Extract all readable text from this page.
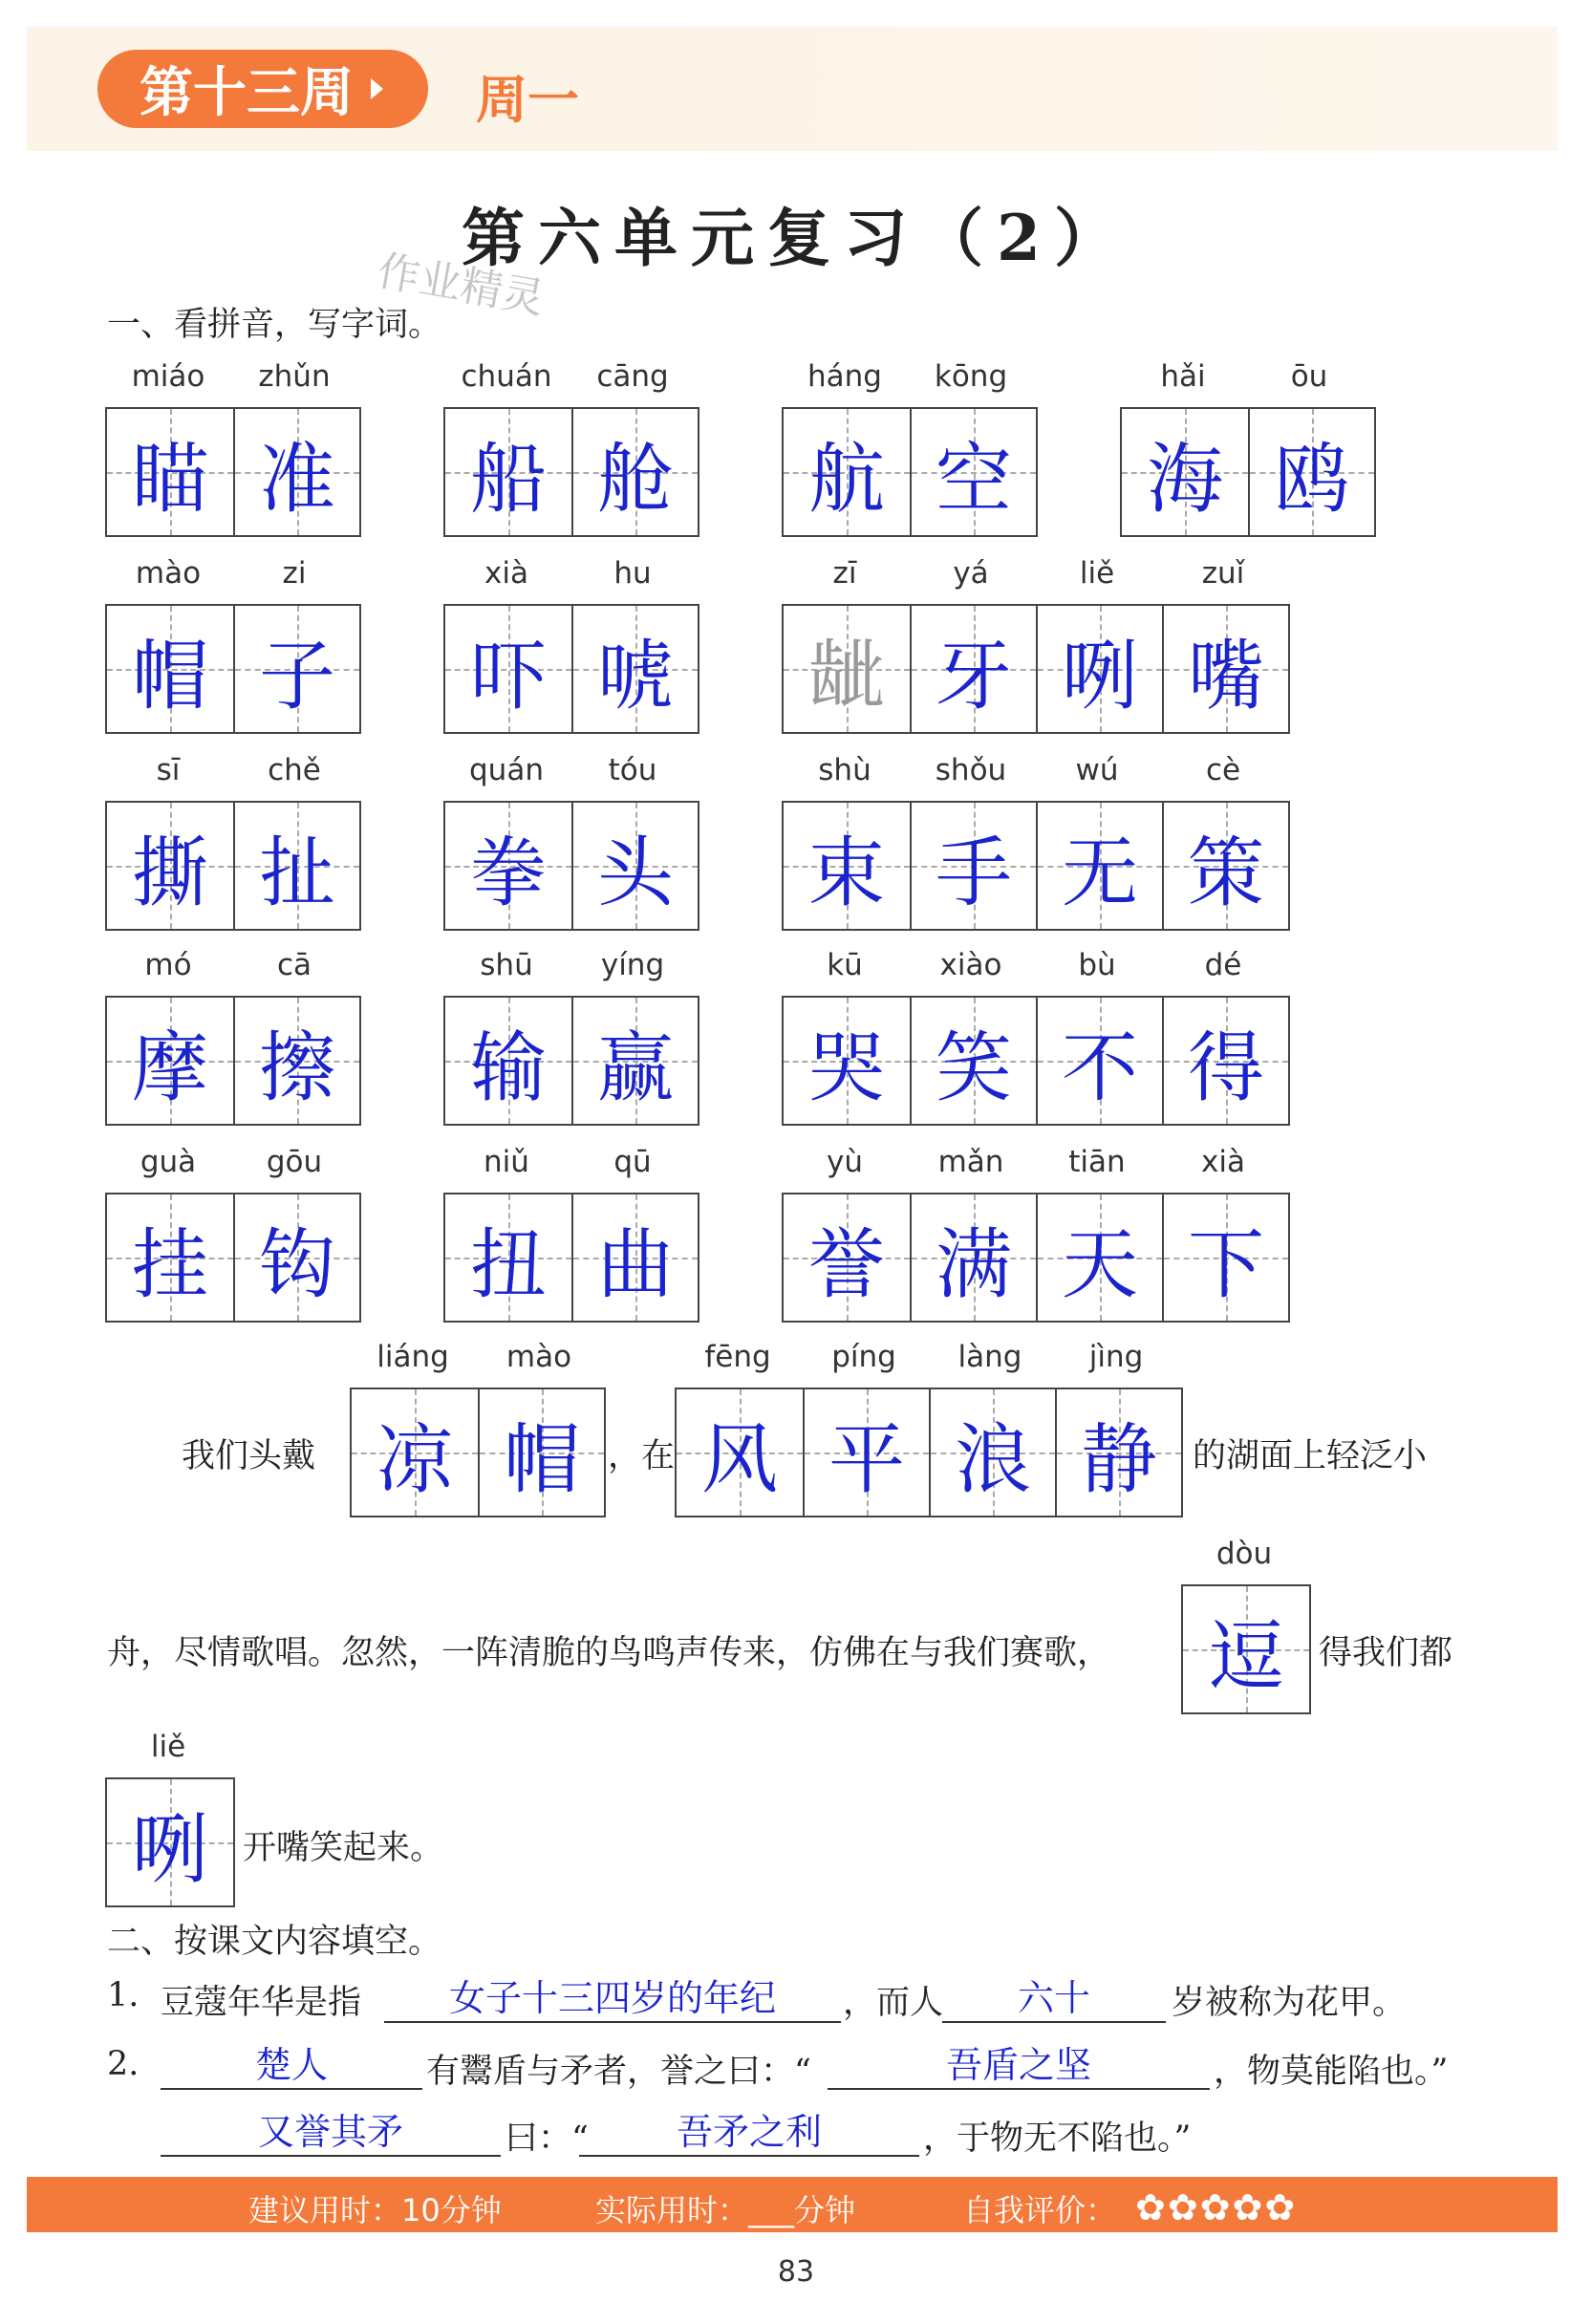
第十三周 周一
第六单元复习（2）
作业精灵
一、看拼音，写字词。
二、按课文内容填空。
1. 豆蔻年华是指	女子十三四岁的年纪	，而人	六十	岁被称为花甲。
2.	楚人	有鬻盾与矛者，誉之曰：“	吾盾之坚	，物莫能陷也。”
又誉其矛	曰：“	吾矛之利	，于物无不陷也。”
建议用时：10分钟	实际用时：___分钟	自我评价： ✿✿✿✿✿
83
miáo	zhǔn
瞄 准
chuán	cāng
船 舱
háng	kōng
航 空
hǎi	ōu
海 鸥
mào	zi
帽 子
xià	hu
吓 唬
zī	yá	liě	zuǐ
龇 牙 咧 嘴
sī	chě
撕 扯
quán	tóu
拳 头
shù	shǒu	wú	cè
束 手 无 策
mó	cā
摩 擦
shū	yíng
输 赢
kū	xiào	bù	dé
哭 笑 不 得
guà	gōu
挂 钩
niǔ	qū
扭 曲
yù	mǎn	tiān	xià
誉 满 天 下
liáng	mào
凉 帽
fēng	píng	làng	jìng
风 平 浪 静
dòu
逗
liě
咧
我们头戴	，在	的湖面上轻泛小
舟，尽情歌唱。忽然，一阵清脆的鸟鸣声传来，仿佛在与我们赛歌，	得我们都
开嘴笑起来。
